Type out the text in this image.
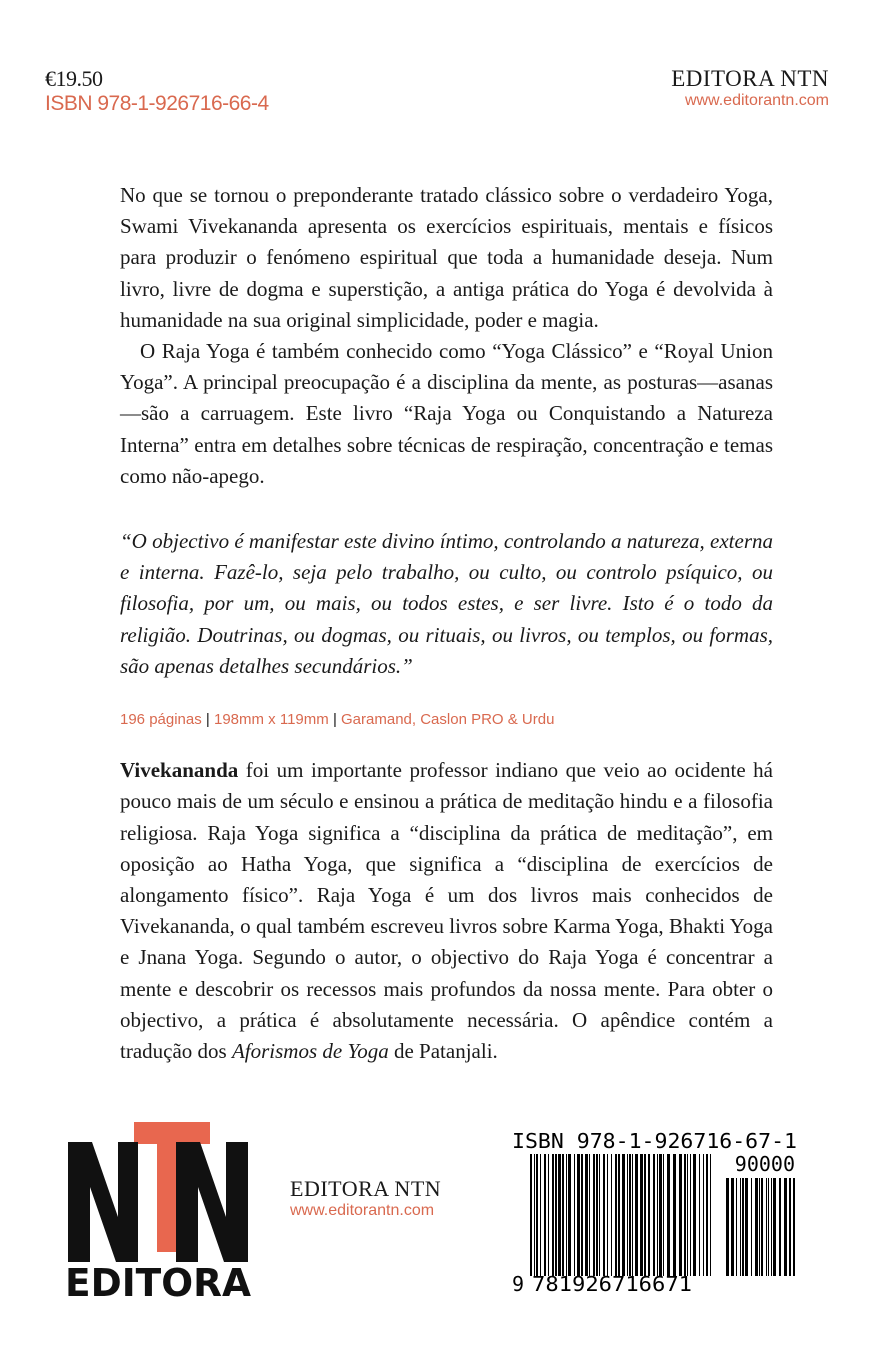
€19.50
ISBN 978-1-926716-66-4
EDITORA NTN
www.editorantn.com

No que se tornou o preponderante tratado clássico sobre o verdadeiro Yoga, Swami Vivekananda apresenta os exercícios espirituais, mentais e físicos para produzir o fenómeno espiritual que toda a humanidade deseja. Num livro, livre de dogma e superstição, a antiga prática do Yoga é devolvida à humanidade na sua original simplicidade, poder e magia.

O Raja Yoga é também conhecido como “Yoga Clássico” e “Royal Union Yoga”. A principal preocupação é a disciplina da mente, as posturas—asanas—são a carruagem. Este livro “Raja Yoga ou Conquistando a Natureza Interna” entra em detalhes sobre técnicas de respiração, concentração e temas como não-apego.

“O objectivo é manifestar este divino íntimo, controlando a natureza, externa e interna. Fazê-lo, seja pelo trabalho, ou culto, ou controlo psíquico, ou filosofia, por um, ou mais, ou todos estes, e ser livre. Isto é o todo da religião. Doutrinas, ou dogmas, ou rituais, ou livros, ou templos, ou formas, são apenas detalhes secundários.”

196 páginas | 198mm x 119mm | Garamand, Caslon PRO & Urdu

Vivekananda foi um importante professor indiano que veio ao ocidente há pouco mais de um século e ensinou a prática de meditação hindu e a filosofia religiosa. Raja Yoga significa a “disciplina da prática de meditação”, em oposição ao Hatha Yoga, que significa a “disciplina de exercícios de alongamento físico”. Raja Yoga é um dos livros mais conhecidos de Vivekananda, o qual também escreveu livros sobre Karma Yoga, Bhakti Yoga e Jnana Yoga. Segundo o autor, o objectivo do Raja Yoga é concentrar a mente e descobrir os recessos mais profundos da nossa mente. Para obter o objectivo, a prática é absolutamente necessária. O apêndice contém a tradução dos Aforismos de Yoga de Patanjali.

EDITORA
EDITORA NTN
www.editorantn.com
ISBN 978-1-926716-67-1
90000
9 781926716671
